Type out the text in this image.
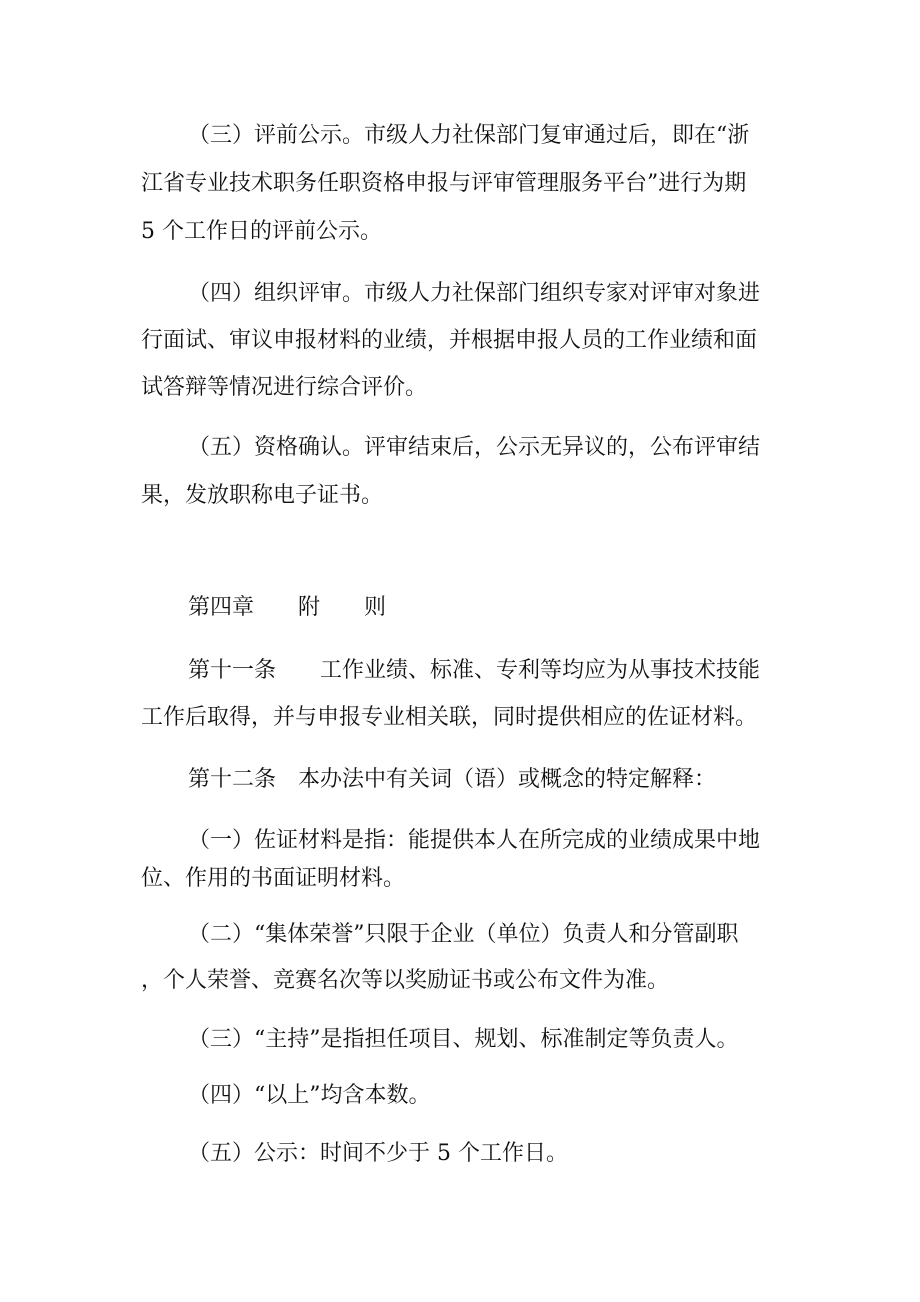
（三）评前公示。市级人力社保部门复审通过后，即在“浙

江省专业技术职务任职资格申报与评审管理服务平台”进行为期

5 个工作日的评前公示。

（四）组织评审。市级人力社保部门组织专家对评审对象进

行面试、审议申报材料的业绩，并根据申报人员的工作业绩和面

试答辩等情况进行综合评价。

（五）资格确认。评审结束后，公示无异议的，公布评审结

果，发放职称电子证书。

第四章　　附　　则

第十一条　　工作业绩、标准、专利等均应为从事技术技能

工作后取得，并与申报专业相关联，同时提供相应的佐证材料。

第十二条　本办法中有关词（语）或概念的特定解释：

（一）佐证材料是指：能提供本人在所完成的业绩成果中地

位、作用的书面证明材料。

（二）“集体荣誉”只限于企业（单位）负责人和分管副职

，个人荣誉、竞赛名次等以奖励证书或公布文件为准。

（三）“主持”是指担任项目、规划、标准制定等负责人。

（四）“以上”均含本数。

（五）公示：时间不少于 5 个工作日。
